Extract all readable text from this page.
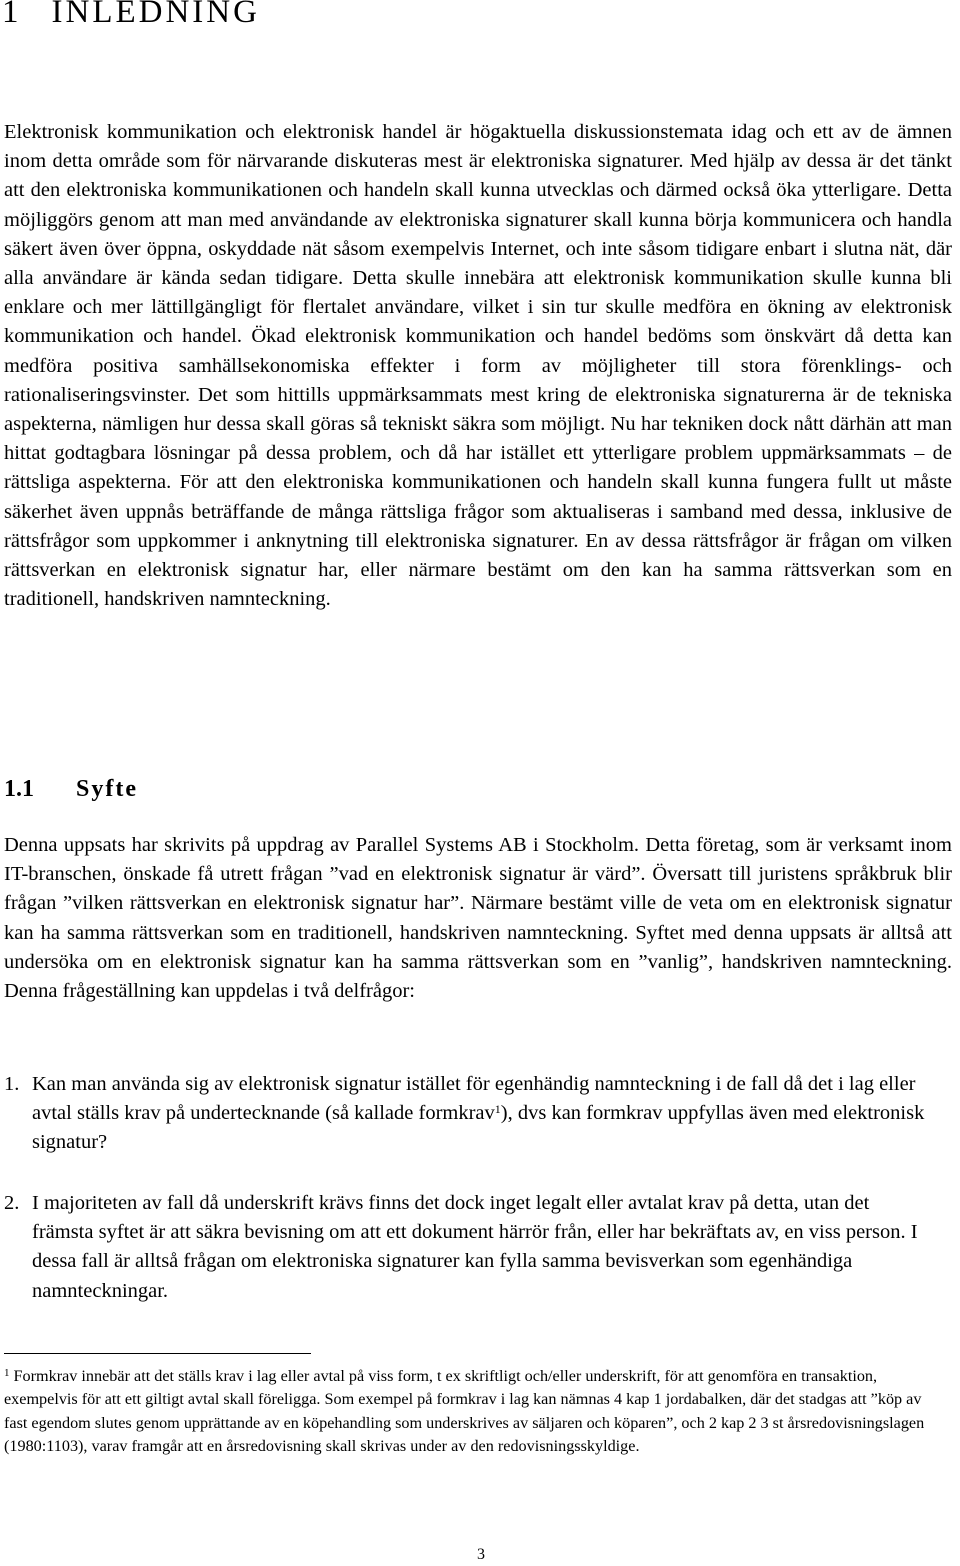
1 INLEDNING

Elektronisk kommunikation och elektronisk handel är högaktuella diskussionstemata idag och ett av de ämnen inom detta område som för närvarande diskuteras mest är elektroniska signaturer. Med hjälp av dessa är det tänkt att den elektroniska kommunikationen och handeln skall kunna utvecklas och därmed också öka ytterligare. Detta möjliggörs genom att man med användande av elektroniska signaturer skall kunna börja kommunicera och handla säkert även över öppna, oskyddade nät såsom exempelvis Internet, och inte såsom tidigare enbart i slutna nät, där alla användare är kända sedan tidigare. Detta skulle innebära att elektronisk kommunikation skulle kunna bli enklare och mer lättillgängligt för flertalet användare, vilket i sin tur skulle medföra en ökning av elektronisk kommunikation och handel. Ökad elektronisk kommunikation och handel bedöms som önskvärt då detta kan medföra positiva samhällsekonomiska effekter i form av möjligheter till stora förenklings- och rationaliseringsvinster. Det som hittills uppmärksammats mest kring de elektroniska signaturerna är de tekniska aspekterna, nämligen hur dessa skall göras så tekniskt säkra som möjligt. Nu har tekniken dock nått därhän att man hittat godtagbara lösningar på dessa problem, och då har istället ett ytterligare problem uppmärksammats – de rättsliga aspekterna. För att den elektroniska kommunikationen och handeln skall kunna fungera fullt ut måste säkerhet även uppnås beträffande de många rättsliga frågor som aktualiseras i samband med dessa, inklusive de rättsfrågor som uppkommer i anknytning till elektroniska signaturer. En av dessa rättsfrågor är frågan om vilken rättsverkan en elektronisk signatur har, eller närmare bestämt om den kan ha samma rättsverkan som en traditionell, handskriven namnteckning.

1.1 Syfte

Denna uppsats har skrivits på uppdrag av Parallel Systems AB i Stockholm. Detta företag, som är verksamt inom IT-branschen, önskade få utrett frågan ”vad en elektronisk signatur är värd”. Översatt till juristens språkbruk blir frågan ”vilken rättsverkan en elektronisk signatur har”. Närmare bestämt ville de veta om en elektronisk signatur kan ha samma rättsverkan som en traditionell, handskriven namnteckning. Syftet med denna uppsats är alltså att undersöka om en elektronisk signatur kan ha samma rättsverkan som en ”vanlig”, handskriven namnteckning. Denna frågeställning kan uppdelas i två delfrågor:

1. Kan man använda sig av elektronisk signatur istället för egenhändig namnteckning i de fall då det i lag eller avtal ställs krav på undertecknande (så kallade formkrav$^1$), dvs kan formkrav uppfyllas även med elektronisk signatur?
2. I majoriteten av fall då underskrift krävs finns det dock inget legalt eller avtalat krav på detta, utan det främsta syftet är att säkra bevisning om att ett dokument härrör från, eller har bekräftats av, en viss person. I dessa fall är alltså frågan om elektroniska signaturer kan fylla samma bevisverkan som egenhändiga namnteckningar.

$^1$ Formkrav innebär att det ställs krav i lag eller avtal på viss form, t ex skriftligt och/eller underskrift, för att genomföra en transaktion, exempelvis för att ett giltigt avtal skall föreligga. Som exempel på formkrav i lag kan nämnas 4 kap 1 jordabalken, där det stadgas att ”köp av fast egendom slutes genom upprättande av en köpehandling som underskrives av säljaren och köparen”, och 2 kap 2 3 st årsredovisningslagen (1980:1103), varav framgår att en årsredovisning skall skrivas under av den redovisningsskyldige.

3
